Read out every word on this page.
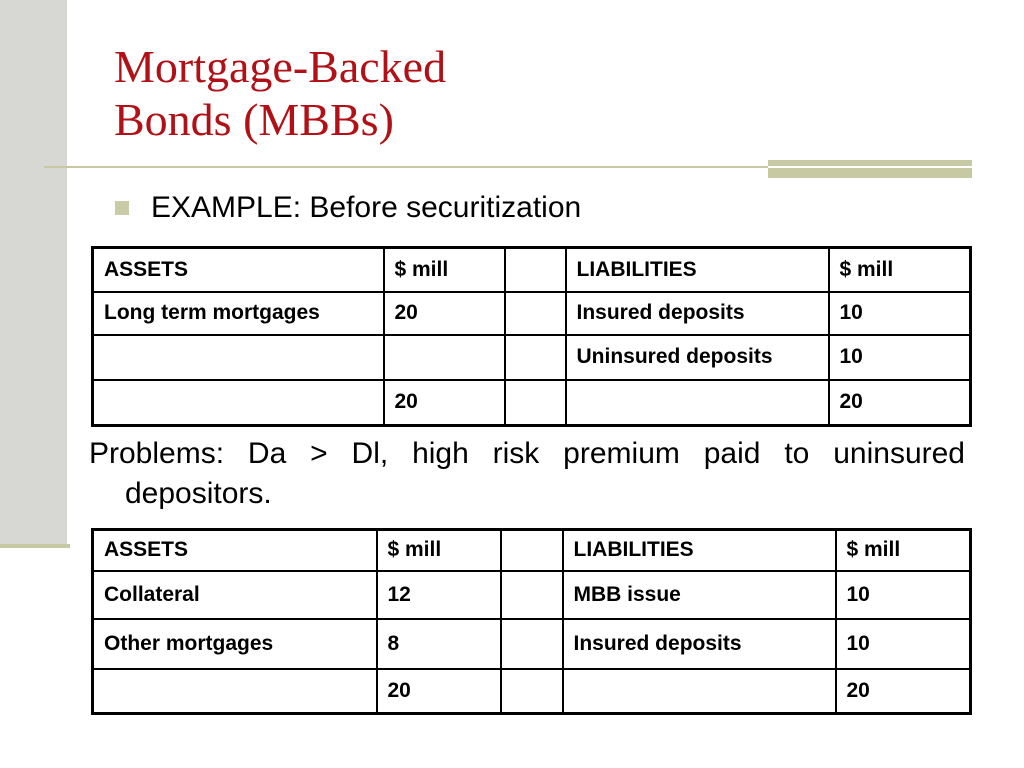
Mortgage-Backed
Bonds (MBBs)
EXAMPLE: Before securitization
ASSETS	$ mill		LIABILITIES	$ mill
Long term mortgages	20		Insured deposits	10
			Uninsured deposits	10
	20			20

Problems: Da > Dl, high risk premium paid to uninsured depositors.

ASSETS	$ mill		LIABILITIES	$ mill
Collateral	12		MBB issue	10
Other mortgages	8		Insured deposits	10
	20			20
